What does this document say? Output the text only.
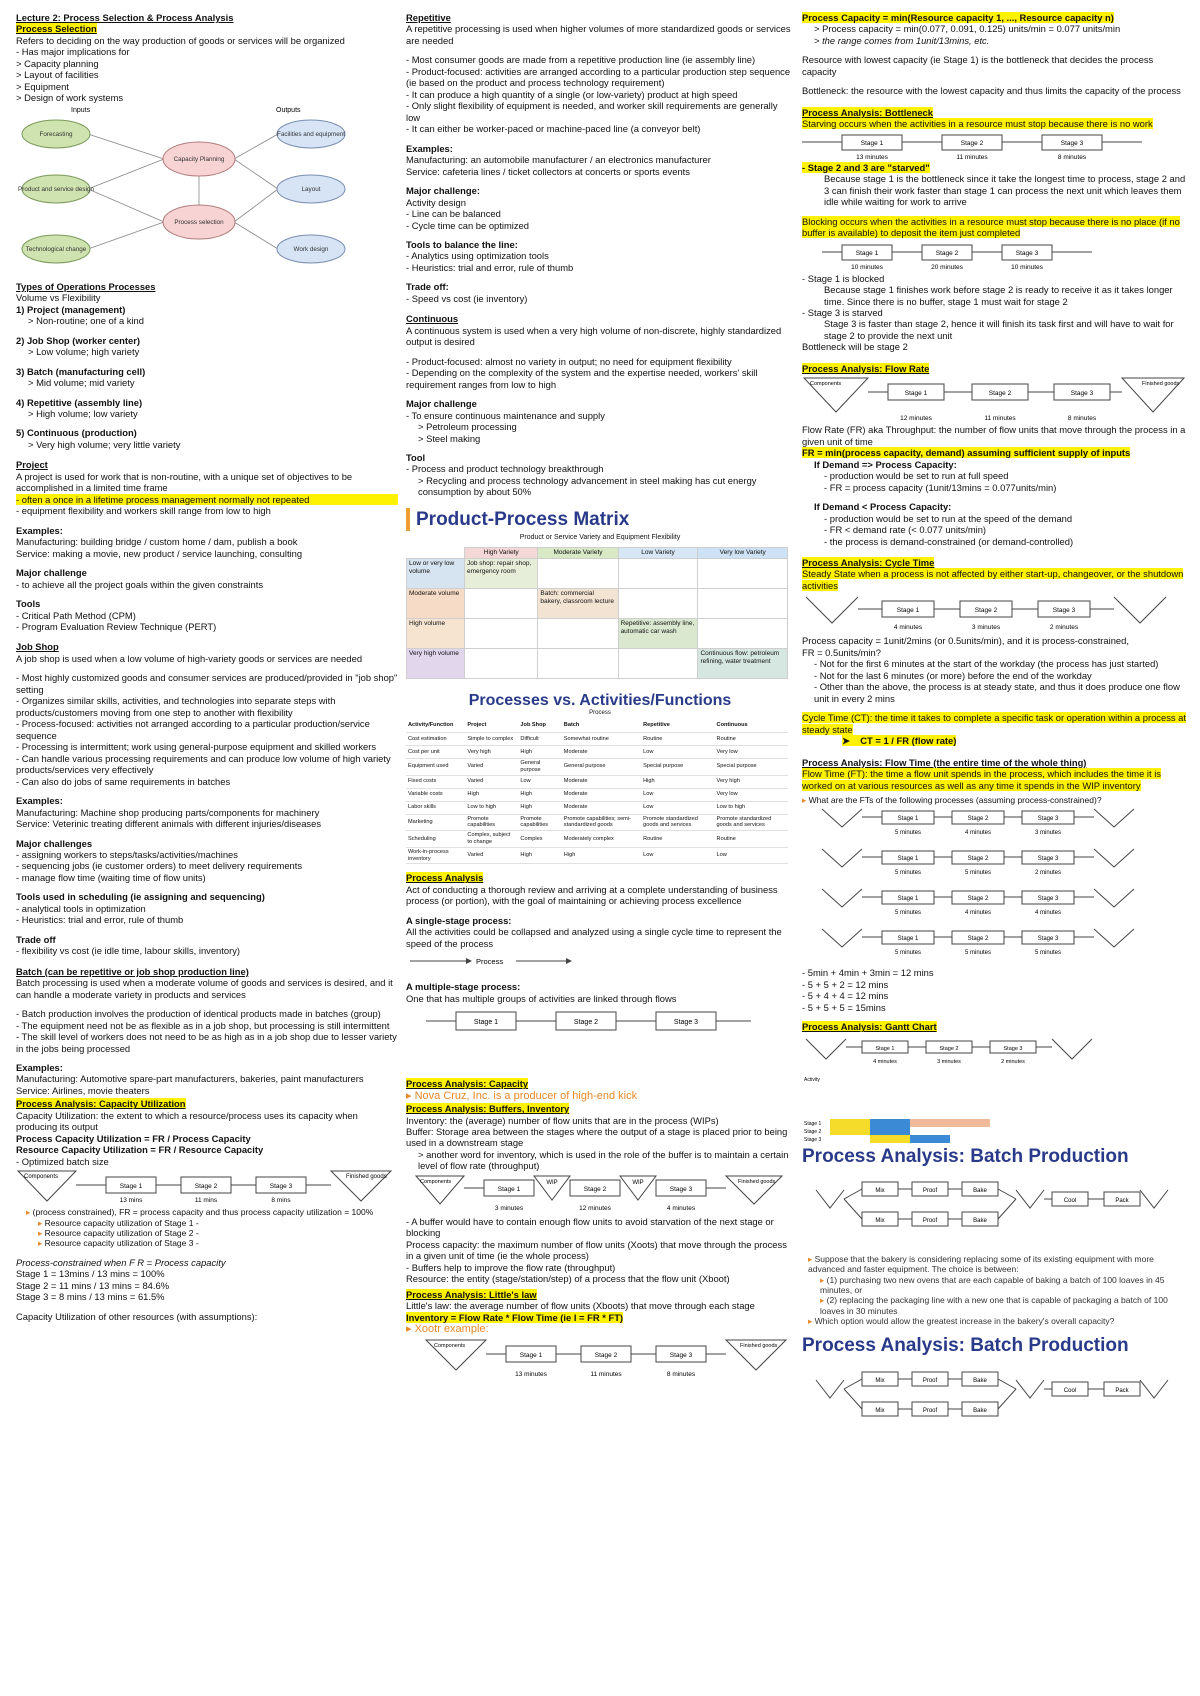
Lecture 2: Process Selection & Process Analysis
Process Selection

Refers to deciding on the way production of goods or services will be organized

- Has major implications for

> Capacity planning

> Layout of facilities

> Equipment

> Design of work systems

Inputs	Outputs
Forecasting
Product and service design
Technological change
Capacity Planning
Process selection
Facilities and equipment
Layout
Work design
Types of Operations Processes

Volume vs Flexibility

1) Project (management)

> Non-routine; one of a kind

2) Job Shop (worker center)

> Low volume; high variety

3) Batch (manufacturing cell)

> Mid volume; mid variety

4) Repetitive (assembly line)

> High volume; low variety

5) Continuous (production)

> Very high volume; very little variety

Project

A project is used for work that is non-routine, with a unique set of objectives to be accomplished in a limited time frame

- often a once in a lifetime process management normally not repeated

- equipment flexibility and workers skill range from low to high

Examples:

Manufacturing: building bridge / custom home / dam, publish a book

Service: making a movie, new product / service launching, consulting

Major challenge

- to achieve all the project goals within the given constraints

Tools

- Critical Path Method (CPM)

- Program Evaluation Review Technique (PERT)

Job Shop

A job shop is used when a low volume of high-variety goods or services are needed

- Most highly customized goods and consumer services are produced/provided in "job shop" setting

- Organizes similar skills, activities, and technologies into separate steps with products/customers moving from one step to another with flexibility

- Process-focused: activities not arranged according to a particular production/service sequence

- Processing is intermittent; work using general-purpose equipment and skilled workers

- Can handle various processing requirements and can produce low volume of high variety products/services very effectively

- Can also do jobs of same requirements in batches

Examples:

Manufacturing: Machine shop producing parts/components for machinery

Service: Veterinic treating different animals with different injuries/diseases

Major challenges

- assigning workers to steps/tasks/activities/machines

- sequencing jobs (ie customer orders) to meet delivery requirements

- manage flow time (waiting time of flow units)

Tools used in scheduling (ie assigning and sequencing)

- analytical tools in optimization

- Heuristics: trial and error, rule of thumb

Trade off

- flexibility vs cost (ie idle time, labour skills, inventory)

Batch (can be repetitive or job shop production line)

Batch processing is used when a moderate volume of goods and services is desired, and it can handle a moderate variety in products and services

- Batch production involves the production of identical products made in batches (group)

- The equipment need not be as flexible as in a job shop, but processing is still intermittent

- The skill level of workers does not need to be as high as in a job shop due to lesser variety in the jobs being processed

Examples:

Manufacturing: Automotive spare-part manufacturers, bakeries, paint manufacturers

Service: Airlines, movie theaters

Process Analysis: Capacity Utilization

Capacity Utilization: the extent to which a resource/process uses its capacity when producing its output

Process Capacity Utilization = FR / Process Capacity

Resource Capacity Utilization = FR / Resource Capacity

- Optimized batch size

Components	Finished goods
Stage 1	Stage 2	Stage 3
13 mins	11 mins	8 mins

▸ (process constrained), FR = process capacity and thus process capacity utilization = 100%

▸ Resource capacity utilization of Stage 1 -

▸ Resource capacity utilization of Stage 2 -

▸ Resource capacity utilization of Stage 3 -

Process-constrained when F R = Process capacity

Stage 1 = 13mins / 13 mins = 100%

Stage 2 = 11 mins / 13 mins = 84.6%

Stage 3 = 8 mins / 13 mins = 61.5%

Capacity Utilization of other resources (with assumptions):

Repetitive

A repetitive processing is used when higher volumes of more standardized goods or services are needed

- Most consumer goods are made from a repetitive production line (ie assembly line)

- Product-focused: activities are arranged according to a particular production step sequence (ie based on the product and process technology requirement)

- It can produce a high quantity of a single (or low-variety) product at high speed

- Only slight flexibility of equipment is needed, and worker skill requirements are generally low

- It can either be worker-paced or machine-paced line (a conveyor belt)

Examples:

Manufacturing: an automobile manufacturer / an electronics manufacturer

Service: cafeteria lines / ticket collectors at concerts or sports events

Major challenge:

Activity design

- Line can be balanced

- Cycle time can be optimized

Tools to balance the line:

- Analytics using optimization tools

- Heuristics: trial and error, rule of thumb

Trade off:

- Speed vs cost (ie inventory)

Continuous

A continuous system is used when a very high volume of non-discrete, highly standardized output is desired

- Product-focused: almost no variety in output; no need for equipment flexibility

- Depending on the complexity of the system and the expertise needed, workers' skill requirement ranges from low to high

Major challenge

- To ensure continuous maintenance and supply

> Petroleum processing

> Steel making

Tool

- Process and product technology breakthrough

> Recycling and process technology advancement in steel making has cut energy consumption by about 50%

Product-Process Matrix
Product or Service Variety and Equipment Flexibility
	High Variety	Moderate Variety	Low Variety	Very low Variety
Low or very low volume	Job shop: repair shop, emergency room			
Moderate volume		Batch: commercial bakery, classroom lecture		
High volume			Repetitive: assembly line, automatic car wash	
Very high volume				Continuous flow: petroleum refining, water treatment
Processes vs. Activities/Functions
Process
Activity/Function	Project	Job Shop	Batch	Repetitive	Continuous
Cost estimation	Simple to complex	Difficult	Somewhat routine	Routine	Routine
Cost per unit	Very high	High	Moderate	Low	Very low
Equipment used	Varied	General purpose	General purpose	Special purpose	Special purpose
Fixed costs	Varied	Low	Moderate	High	Very high
Variable costs	High	High	Moderate	Low	Very low
Labor skills	Low to high	High	Moderate	Low	Low to high
Marketing	Promote capabilities	Promote capabilities	Promote capabilities; semi-standardized goods	Promote standardized goods and services	Promote standardized goods and services
Scheduling	Complex, subject to change	Complex	Moderately complex	Routine	Routine
Work-in-process inventory	Varied	High	High	Low	Low
Process Analysis

Act of conducting a thorough review and arriving at a complete understanding of business process (or portion), with the goal of maintaining or achieving process excellence

A single-stage process:

All the activities could be collapsed and analyzed using a single cycle time to represent the speed of the process

Process

A multiple-stage process:

One that has multiple groups of activities are linked through flows

Stage 1	Stage 2	Stage 3
Process Analysis: Capacity

▸ Nova Cruz, Inc. is a producer of high-end kick

Process Analysis: Buffers, Inventory

Inventory: the (average) number of flow units that are in the process (WIPs)

Buffer: Storage area between the stages where the output of a stage is placed prior to being used in a downstream stage

> another word for inventory, which is used in the role of the buffer is to maintain a certain level of flow rate (throughput)

Components	WIP	WIP	Finished goods
Stage 1	Stage 2	Stage 3
3 minutes	12 minutes	4 minutes

- A buffer would have to contain enough flow units to avoid starvation of the next stage or blocking

Process capacity: the maximum number of flow units (Xoots) that move through the process in a given unit of time (ie the whole process)

- Buffers help to improve the flow rate (throughput)

Resource: the entity (stage/station/step) of a process that the flow unit (Xboot)

Process Analysis: Little's law

Little's law: the average number of flow units (Xboots) that move through each stage

Inventory = Flow Rate * Flow Time (ie I = FR * FT)

▸ Xootr example:

Components	Finished goods
Stage 1	Stage 2	Stage 3
13 minutes	11 minutes	8 minutes

Process Capacity = min(Resource capacity 1, ..., Resource capacity n)

> Process capacity = min(0.077, 0.091, 0.125) units/min = 0.077 units/min

> the range comes from 1unit/13mins, etc.

Resource with lowest capacity (ie Stage 1) is the bottleneck that decides the process capacity

Bottleneck: the resource with the lowest capacity and thus limits the capacity of the process

Process Analysis: Bottleneck

Starving occurs when the activities in a resource must stop because there is no work

Stage 1	Stage 2	Stage 3
13 minutes	11 minutes	8 minutes

- Stage 2 and 3 are "starved"

Because stage 1 is the bottleneck since it take the longest time to process, stage 2 and 3 can finish their work faster than stage 1 can process the next unit which leaves them idle while waiting for work to arrive

Blocking occurs when the activities in a resource must stop because there is no place (if no buffer is available) to deposit the item just completed

Stage 1	Stage 2	Stage 3
10 minutes	20 minutes	10 minutes

- Stage 1 is blocked

Because stage 1 finishes work before stage 2 is ready to receive it as it takes longer time. Since there is no buffer, stage 1 must wait for stage 2

- Stage 3 is starved

Stage 3 is faster than stage 2, hence it will finish its task first and will have to wait for stage 2 to provide the next unit

Bottleneck will be stage 2

Process Analysis: Flow Rate
Components	Finished goods
Stage 1	Stage 2	Stage 3
12 minutes	11 minutes	8 minutes

Flow Rate (FR) aka Throughput: the number of flow units that move through the process in a given unit of time

FR = min(process capacity, demand) assuming sufficient supply of inputs

If Demand => Process Capacity:

- production would be set to run at full speed

- FR = process capacity (1unit/13mins = 0.077units/min)

If Demand < Process Capacity:

- production would be set to run at the speed of the demand

- FR < demand rate (< 0.077 units/min)

- the process is demand-constrained (or demand-controlled)

Process Analysis: Cycle Time

Steady State when a process is not affected by either start-up, changeover, or the shutdown activities

Stage 1	Stage 2	Stage 3
4 minutes	3 minutes	2 minutes

Process capacity = 1unit/2mins (or 0.5units/min), and it is process-constrained,

FR = 0.5units/min?

- Not for the first 6 minutes at the start of the workday (the process has just started)

- Not for the last 6 minutes (or more) before the end of the workday

- Other than the above, the process is at steady state, and thus it does produce one flow unit in every 2 mins

Cycle Time (CT): the time it takes to complete a specific task or operation within a process at steady state

➤    CT = 1 / FR (flow rate)

Process Analysis: Flow Time (the entire time of the whole thing)

Flow Time (FT): the time a flow unit spends in the process, which includes the time it is worked on at various resources as well as any time it spends in the WIP inventory

▸ What are the FTs of the following processes (assuming process-constrained)?

Stage 1
5 minutes
Stage 2
4 minutes
Stage 3
3 minutes
Stage 1
5 minutes
Stage 2
5 minutes
Stage 3
2 minutes
Stage 1
5 minutes
Stage 2
4 minutes
Stage 3
4 minutes
Stage 1
5 minutes
Stage 2
5 minutes
Stage 3
5 minutes

- 5min + 4min + 3min = 12 mins

- 5 + 5 + 2 = 12 mins

- 5 + 4 + 4 = 12 mins

- 5 + 5 + 5 = 15mins

Process Analysis: Gantt Chart
Stage 1	Stage 2	Stage 3
4 minutes	3 minutes	2 minutes
Activity
Stage 1
Stage 2
Stage 3
Process Analysis: Batch Production
Mix	Proof	Bake
Mix	Proof	Bake
Cool	Pack

▸ Suppose that the bakery is considering replacing some of its existing equipment with more advanced and faster equipment. The choice is between:

▸ (1) purchasing two new ovens that are each capable of baking a batch of 100 loaves in 45 minutes, or

▸ (2) replacing the packaging line with a new one that is capable of packaging a batch of 100 loaves in 30 minutes

▸ Which option would allow the greatest increase in the bakery's overall capacity?

Process Analysis: Batch Production
Mix	Proof	Bake
Mix	Proof	Bake
Cool	Pack
